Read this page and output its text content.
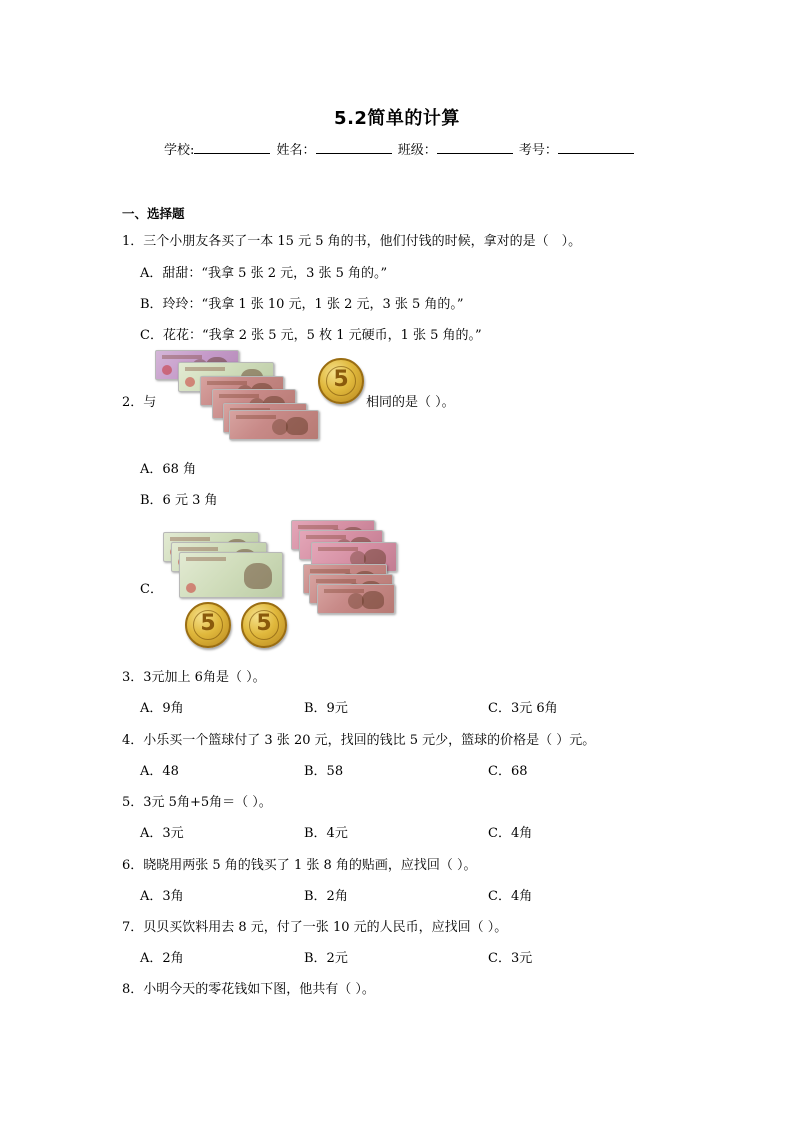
5.2简单的计算
学校:	姓名：	班级：	考号：
一、选择题
1．三个小朋友各买了一本 15 元 5 角的书，他们付钱的时候，拿对的是（　）。
A．甜甜：“我拿 5 张 2 元，3 张 5 角的。”
B．玲玲：“我拿 1 张 10 元，1 张 2 元，3 张 5 角的。”
C．花花：“我拿 2 张 5 元，5 枚 1 元硬币，1 张 5 角的。”
2．与
5
相同的是（ ）。
A．68 角
B．6 元 3 角
C．
5	5
3．3元加上 6角是（ ）。
A．9角	B．9元	C．3元 6角
4．小乐买一个篮球付了 3 张 20 元，找回的钱比 5 元少，篮球的价格是（ ）元。
A．48	B．58	C．68
5．3元 5角+5角＝（ ）。
A．3元	B．4元	C．4角
6．晓晓用两张 5 角的钱买了 1 张 8 角的贴画，应找回（ ）。
A．3角	B．2角	C．4角
7．贝贝买饮料用去 8 元，付了一张 10 元的人民币，应找回（ ）。
A．2角	B．2元	C．3元
8．小明今天的零花钱如下图，他共有（ ）。
